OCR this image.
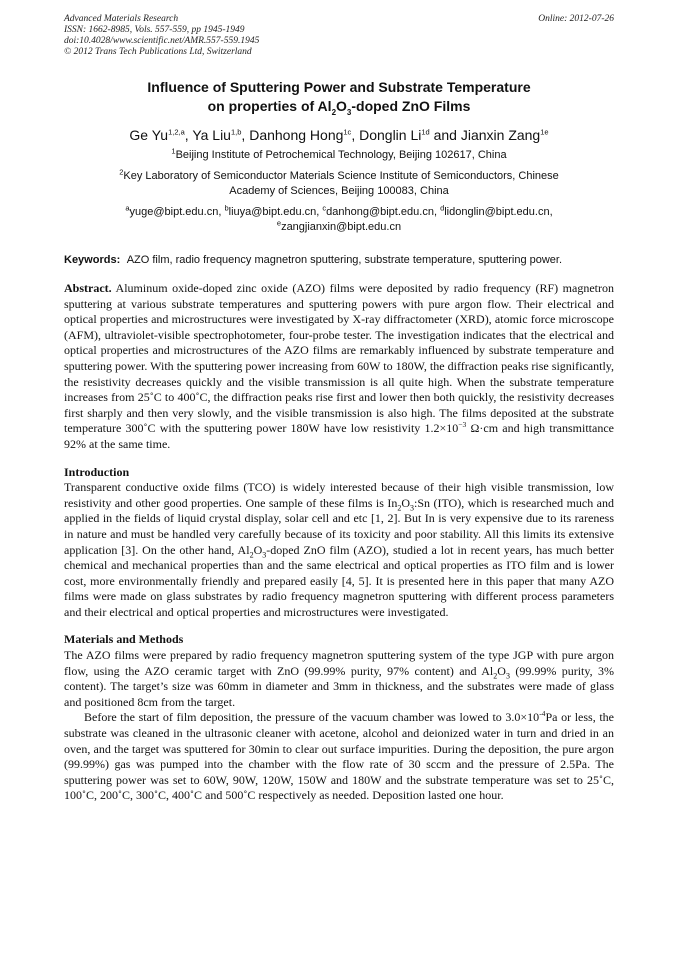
Advanced Materials Research
ISSN: 1662-8985, Vols. 557-559, pp 1945-1949
doi:10.4028/www.scientific.net/AMR.557-559.1945
© 2012 Trans Tech Publications Ltd, Switzerland
Online: 2012-07-26
Influence of Sputtering Power and Substrate Temperature
on properties of $Al_2O_3$-doped ZnO Films
Ge Yu$^{1,2,a}$, Ya Liu$^{1,b}$, Danhong Hong$^{1c}$, Donglin $Li^{1d}$ and Jianxin Zang$^{1e}$
$^1$Beijing Institute of Petrochemical Technology, Beijing 102617, China
$^2$Key Laboratory of Semiconductor Materials Science Institute of Semiconductors, Chinese
Academy of Sciences, Beijing 100083, China
$^a$yuge@bipt.edu.cn, $^b$liuya@bipt.edu.cn, $^c$danhong@bipt.edu.cn, $^d$lidonglin@bipt.edu.cn,
$^e$zangjianxin@bipt.edu.cn
Keywords: AZO film, radio frequency magnetron sputtering, substrate temperature, sputtering power.

Abstract. Aluminum oxide-doped zinc oxide (AZO) films were deposited by radio frequency (RF) magnetron sputtering at various substrate temperatures and sputtering powers with pure argon flow. Their electrical and optical properties and microstructures were investigated by X-ray diffractometer (XRD), atomic force microscope (AFM), ultraviolet-visible spectrophotometer, four-probe tester. The investigation indicates that the electrical and optical properties and microstructures of the AZO films are remarkably influenced by substrate temperature and sputtering power. With the sputtering power increasing from 60W to 180W, the diffraction peaks rise significantly, the resistivity decreases quickly and the visible transmission is all quite high. When the substrate temperature increases from 25˚C to 400˚C, the diffraction peaks rise first and lower then both quickly, the resistivity decreases first sharply and then very slowly, and the visible transmission is also high. The films deposited at the substrate temperature 300˚C with the sputtering power 180W have low resistivity $1.2\times 10^{-3}$ Ω·cm and high transmittance 92% at the same time.

Introduction

Transparent conductive oxide films (TCO) is widely interested because of their high visible transmission, low resistivity and other good properties. One sample of these films is $In_2O_3:Sn$ (ITO), which is researched much and applied in the fields of liquid crystal display, solar cell and etc [1, 2]. But In is very expensive due to its rareness in nature and must be handled very carefully because of its toxicity and poor stability. All this limits its extensive application [3]. On the other hand, $Al_2O_3$-doped ZnO film (AZO), studied a lot in recent years, has much better chemical and mechanical properties than and the same electrical and optical properties as ITO film and is lower cost, more environmentally friendly and prepared easily [4, 5]. It is presented here in this paper that many AZO films were made on glass substrates by radio frequency magnetron sputtering with different process parameters and their electrical and optical properties and microstructures were investigated.

Materials and Methods

The AZO films were prepared by radio frequency magnetron sputtering system of the type JGP with pure argon flow, using the AZO ceramic target with ZnO (99.99% purity, 97% content) and $Al_2O_3$ (99.99% purity, 3% content). The target’s size was 60mm in diameter and 3mm in thickness, and the substrates were made of glass and positioned 8cm from the target.

Before the start of film deposition, the pressure of the vacuum chamber was lowed to $3.0\times 10^{-4}Pa$ or less, the substrate was cleaned in the ultrasonic cleaner with acetone, alcohol and deionized water in turn and dried in an oven, and the target was sputtered for 30min to clear out surface impurities. During the deposition, the pure argon (99.99%) gas was pumped into the chamber with the flow rate of 30 sccm and the pressure of 2.5Pa. The sputtering power was set to 60W, 90W, 120W, 150W and 180W and the substrate temperature was set to 25˚C, 100˚C, 200˚C, 300˚C, 400˚C and 500˚C respectively as needed. Deposition lasted one hour.
